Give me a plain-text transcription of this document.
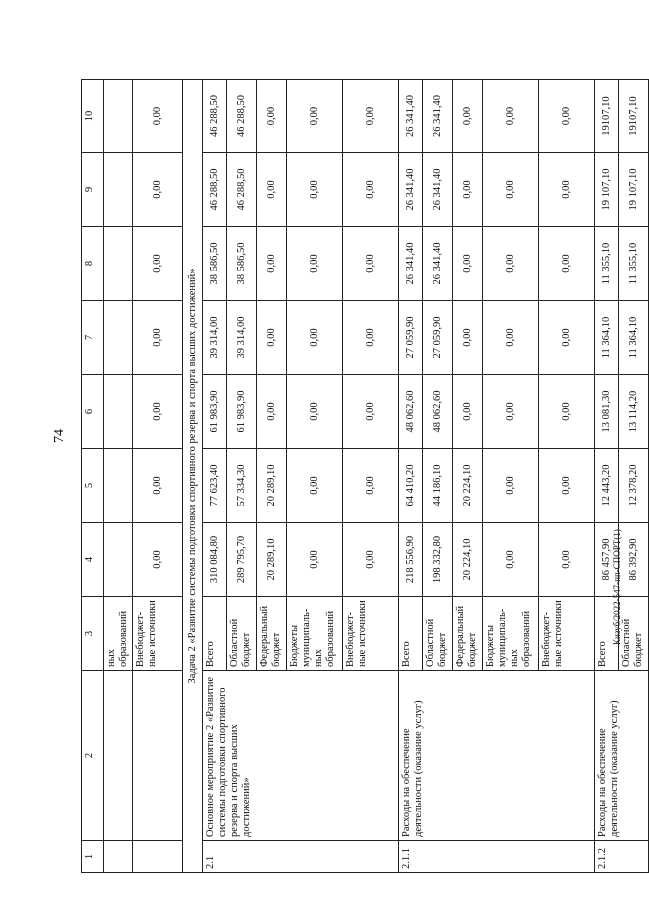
74
Кизуб/2022-547-пп-СПОРТ(1)
1	2	3	4	5	6	7	8	9	10
		ных образований							
		Внебюджет-ные источники	0,00	0,00	0,00	0,00	0,00	0,00	0,00
Задача 2 «Развитие системы подготовки спортивного резерва и спорта высших достижений»									
2.1	Основное мероприятие 2 «Развитие системы подготовки спортивного резерва и спорта высших достижений»	Всего	310 084,80	77 623,40	61 983,90	39 314,00	38 586,50	46 288,50	46 288,50
		Областной бюджет	289 795,70	57 334,30	61 983,90	39 314,00	38 586,50	46 288,50	46 288,50
		Федеральный бюджет	20 289,10	20 289,10	0,00	0,00	0,00	0,00	0,00
		Бюджеты муниципаль-ных образований	0,00	0,00	0,00	0,00	0,00	0,00	0,00
		Внебюджет-ные источники	0,00	0,00	0,00	0,00	0,00	0,00	0,00
2.1.1	Расходы на обеспечение деятельности (оказание услуг)	Всего	218 556,90	64 410,20	48 062,60	27 059,90	26 341,40	26 341,40	26 341,40
		Областной бюджет	198 332,80	44 186,10	48 062,60	27 059,90	26 341,40	26 341,40	26 341,40
		Федеральный бюджет	20 224,10	20 224,10	0,00	0,00	0,00	0,00	0,00
		Бюджеты муниципаль-ных образований	0,00	0,00	0,00	0,00	0,00	0,00	0,00
		Внебюджет-ные источники	0,00	0,00	0,00	0,00	0,00	0,00	0,00
2.1.2	Расходы на обеспечение деятельности (оказание услуг)	Всего	86 457,90	12 443,20	13 081,30	11 364,10	11 355,10	19 107,10	19107,10
		Областной бюджет	86 392,90	12 378,20	13 114,20	11 364,10	11 355,10	19 107,10	19107,10
